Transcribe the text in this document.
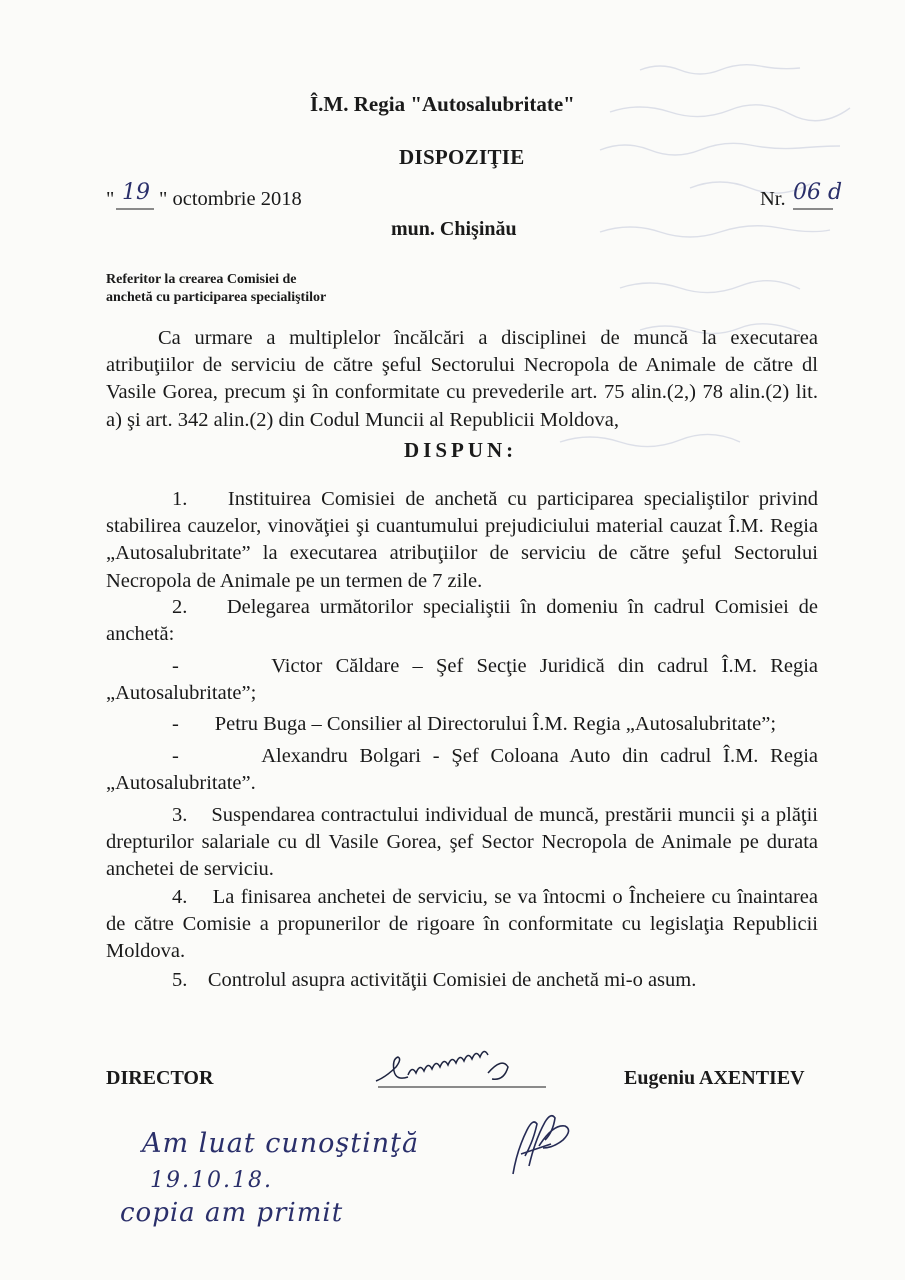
Î.M. Regia "Autosalubritate"
DISPOZIŢIE
" 19 " octombrie 2018	Nr. 06 d
mun. Chişinău
Referitor la crearea Comisiei de
anchetă cu participarea specialiştilor
Ca urmare a multiplelor încălcări a disciplinei de muncă la executarea atribuţiilor de serviciu de către şeful Sectorului Necropola de Animale de către dl Vasile Gorea, precum şi în conformitate cu prevederile art. 75 alin.(2,) 78 alin.(2) lit. a) şi art. 342 alin.(2) din Codul Muncii al Republicii Moldova,
DISPUN:
1. Instituirea Comisiei de anchetă cu participarea specialiştilor privind stabilirea cauzelor, vinovăţiei şi cuantumului prejudiciului material cauzat Î.M. Regia „Autosalubritate” la executarea atribuţiilor de serviciu de către şeful Sectorului Necropola de Animale pe un termen de 7 zile.
2. Delegarea următorilor specialiştii în domeniu în cadrul Comisiei de anchetă:
-	Victor Căldare – Şef Secţie Juridică din cadrul Î.M. Regia „Autosalubritate”;
- Petru Buga – Consilier al Directorului Î.M. Regia „Autosalubritate”;
-	Alexandru Bolgari - Şef Coloana Auto din cadrul Î.M. Regia „Autosalubritate”.
3. Suspendarea contractului individual de muncă, prestării muncii şi a plăţii drepturilor salariale cu dl Vasile Gorea, şef Sector Necropola de Animale pe durata anchetei de serviciu.
4. La finisarea anchetei de serviciu, se va întocmi o Încheiere cu înaintarea de către Comisie a propunerilor de rigoare în conformitate cu legislaţia Republicii Moldova.
5. Controlul asupra activităţii Comisiei de anchetă mi-o asum.
DIRECTOR	Eugeniu AXENTIEV
Am luat cunoştinţă
19.10.18.
copia am primit
